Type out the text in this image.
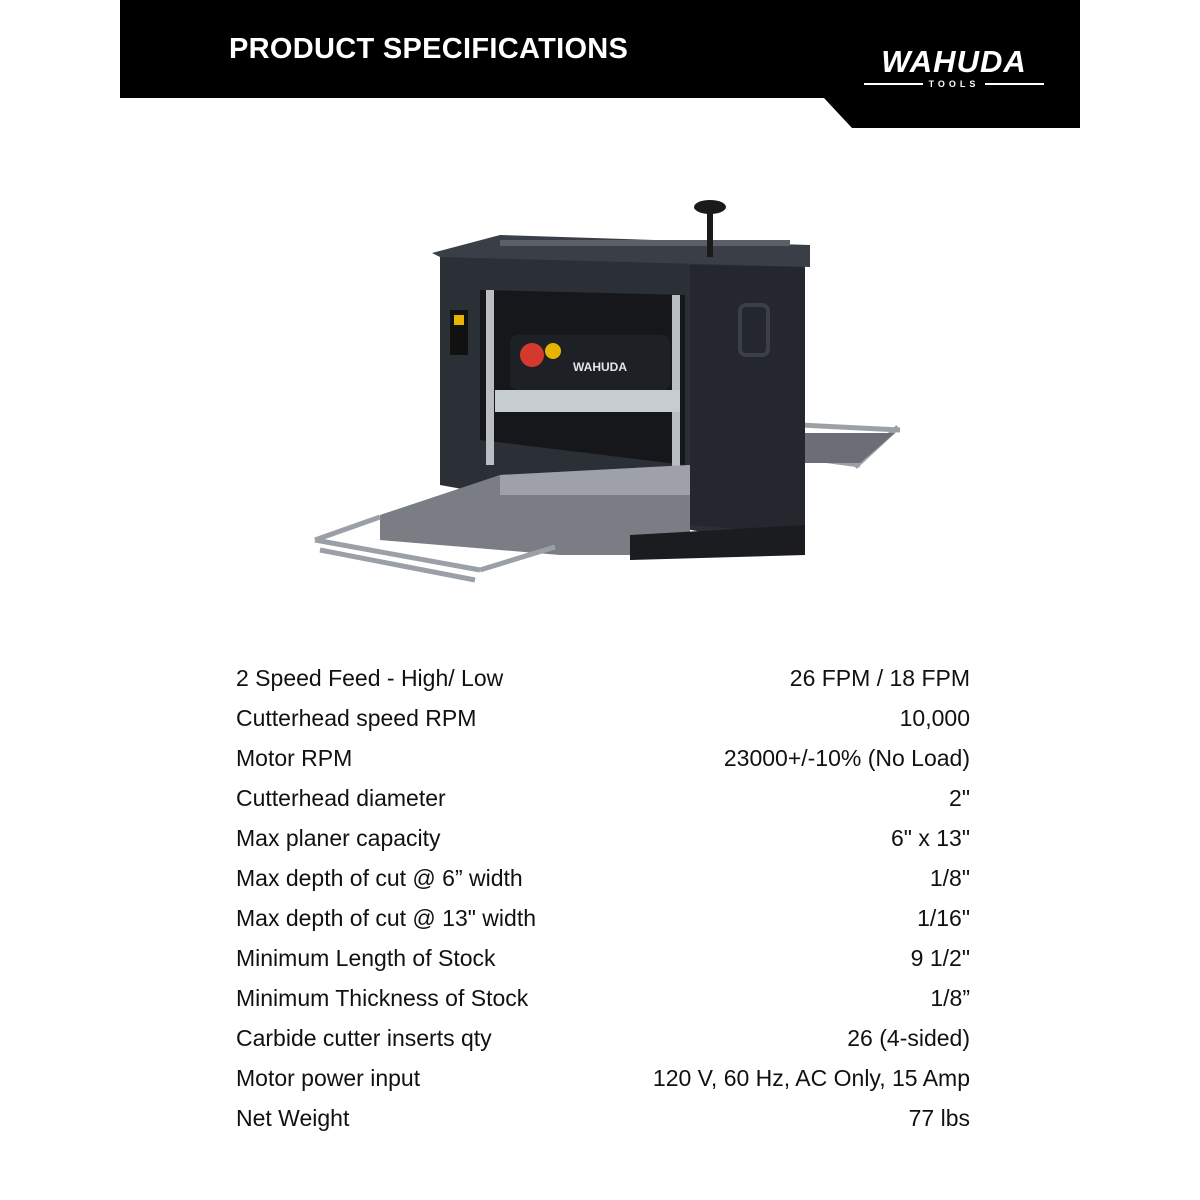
PRODUCT SPECIFICATIONS	WAHUDA
TOOLS
WAHUDA
2 Speed Feed - High/ Low	26 FPM / 18 FPM
Cutterhead speed RPM	10,000
Motor RPM	23000+/-10% (No Load)
Cutterhead diameter	2"
Max planer capacity	6" x 13"
Max depth of cut @ 6” width	1/8"
Max depth of cut @ 13" width	1/16"
Minimum Length of Stock	9 1/2"
Minimum Thickness of Stock	1/8”
Carbide cutter inserts qty	26 (4-sided)
Motor power input	120 V, 60 Hz, AC Only, 15 Amp
Net Weight	77 lbs
